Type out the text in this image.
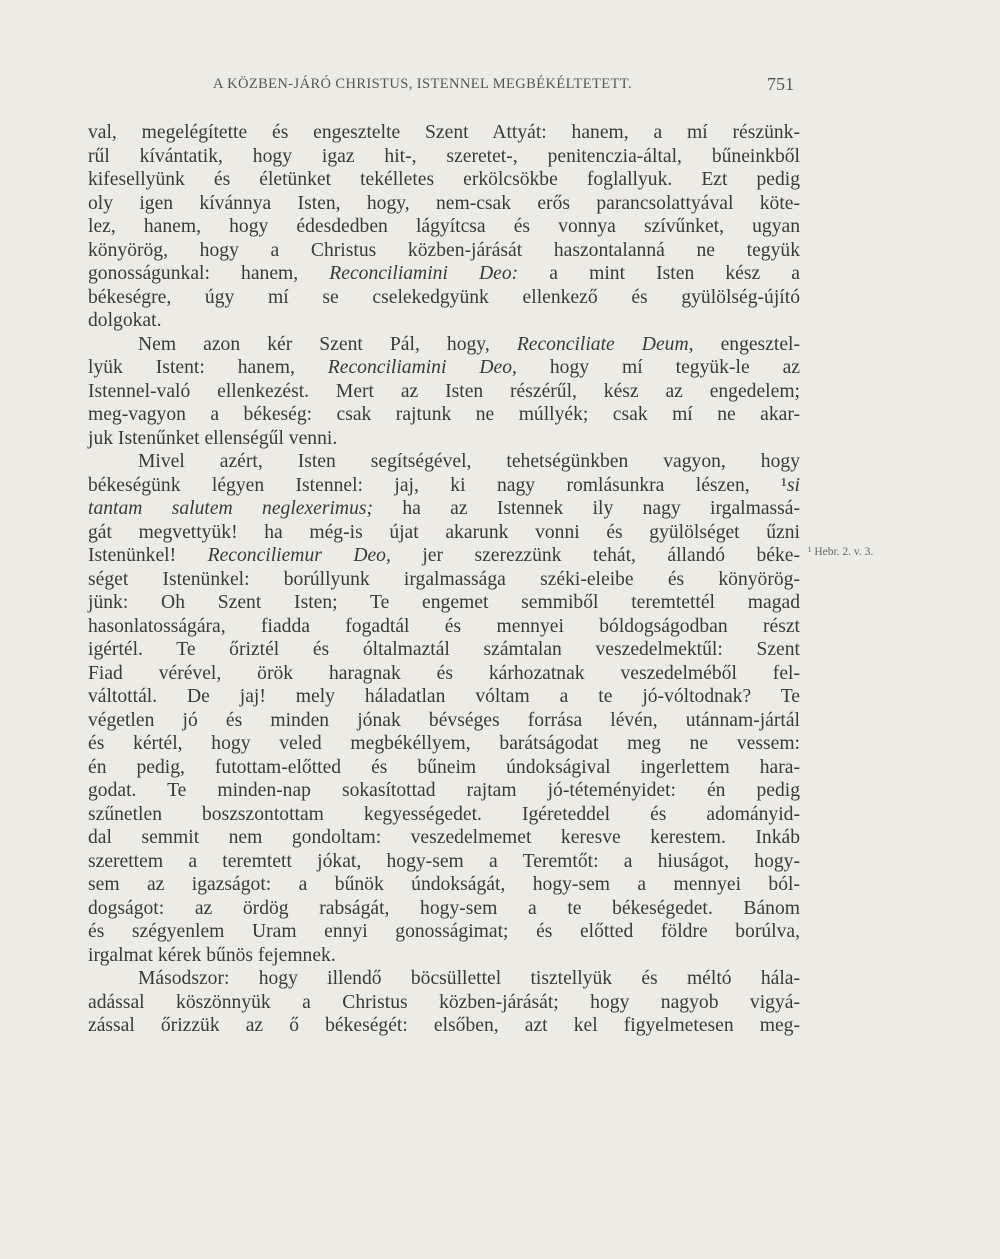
A KÖZBEN-JÁRÓ CHRISTUS, ISTENNEL MEGBÉKÉLTETETT.	751

val, megelégítette és engesztelte Szent Attyát: hanem, a mí részünk-
rűl kívántatik, hogy igaz hit-, szeretet-, penitenczia-által, bűneinkből
kifesellyünk és életünket tekélletes erkölcsökbe foglallyuk. Ezt pedig
oly igen kívánnya Isten, hogy, nem-csak erős parancsolattyával köte-
lez, hanem, hogy édesdedben lágyítcsa és vonnya szívűnket, ugyan
könyörög, hogy a Christus közben-járását haszontalanná ne tegyük
gonosságunkal: hanem, Reconciliamini Deo: a mint Isten kész a
békeségre, úgy mí se cselekedgyünk ellenkező és gyülölség-újító
dolgokat.

Nem azon kér Szent Pál, hogy, Reconciliate Deum, engesztel-
lyük Istent: hanem, Reconciliamini Deo, hogy mí tegyük-le az
Istennel-való ellenkezést. Mert az Isten részérűl, kész az engedelem;
meg-vagyon a békeség: csak rajtunk ne múllyék; csak mí ne akar-
juk Istenűnket ellenségűl venni.

Mivel azért, Isten segítségével, tehetségünkben vagyon, hogy
békeségünk légyen Istennel: jaj, ki nagy romlásunkra lészen, ¹si
tantam salutem neglexerimus; ha az Istennek ily nagy irgalmassá-
gát megvettyük! ha még-is újat akarunk vonni és gyülölséget űzni
Istenünkel! Reconciliemur Deo, jer szerezzünk tehát, állandó béke-
séget Istenünkel: borúllyunk irgalmassága széki-eleibe és könyörög-
jünk: Oh Szent Isten; Te engemet semmiből teremtettél magad
hasonlatosságára, fiadda fogadtál és mennyei bóldogságodban részt
igértél. Te őriztél és óltalmaztál számtalan veszedelmektűl: Szent
Fiad vérével, örök haragnak és kárhozatnak veszedelméből fel-
váltottál. De jaj! mely háladatlan vóltam a te jó-vóltodnak? Te
végetlen jó és minden jónak bévséges forrása lévén, utánnam-jártál
és kértél, hogy veled megbékéllyem, barátságodat meg ne vessem:
én pedig, futottam-előtted és bűneim úndokságival ingerlettem hara-
godat. Te minden-nap sokasítottad rajtam jó-téteményidet: én pedig
szűnetlen boszszontottam kegyességedet. Igéreteddel és adományid-
dal semmit nem gondoltam: veszedelmemet keresve kerestem. Inkáb
szerettem a teremtett jókat, hogy-sem a Teremtőt: a hiuságot, hogy-
sem az igazságot: a bűnök úndokságát, hogy-sem a mennyei ból-
dogságot: az ördög rabságát, hogy-sem a te békeségedet. Bánom
és szégyenlem Uram ennyi gonosságimat; és előtted földre borúlva,
irgalmat kérek bűnös fejemnek.

Másodszor: hogy illendő böcsüllettel tisztellyük és méltó hála-
adással köszönnyük a Christus közben-járását; hogy nagyob vigyá-
zással őrizzük az ő békeségét: elsőben, azt kel figyelmetesen meg-

¹ Hebr. 2. v. 3.
